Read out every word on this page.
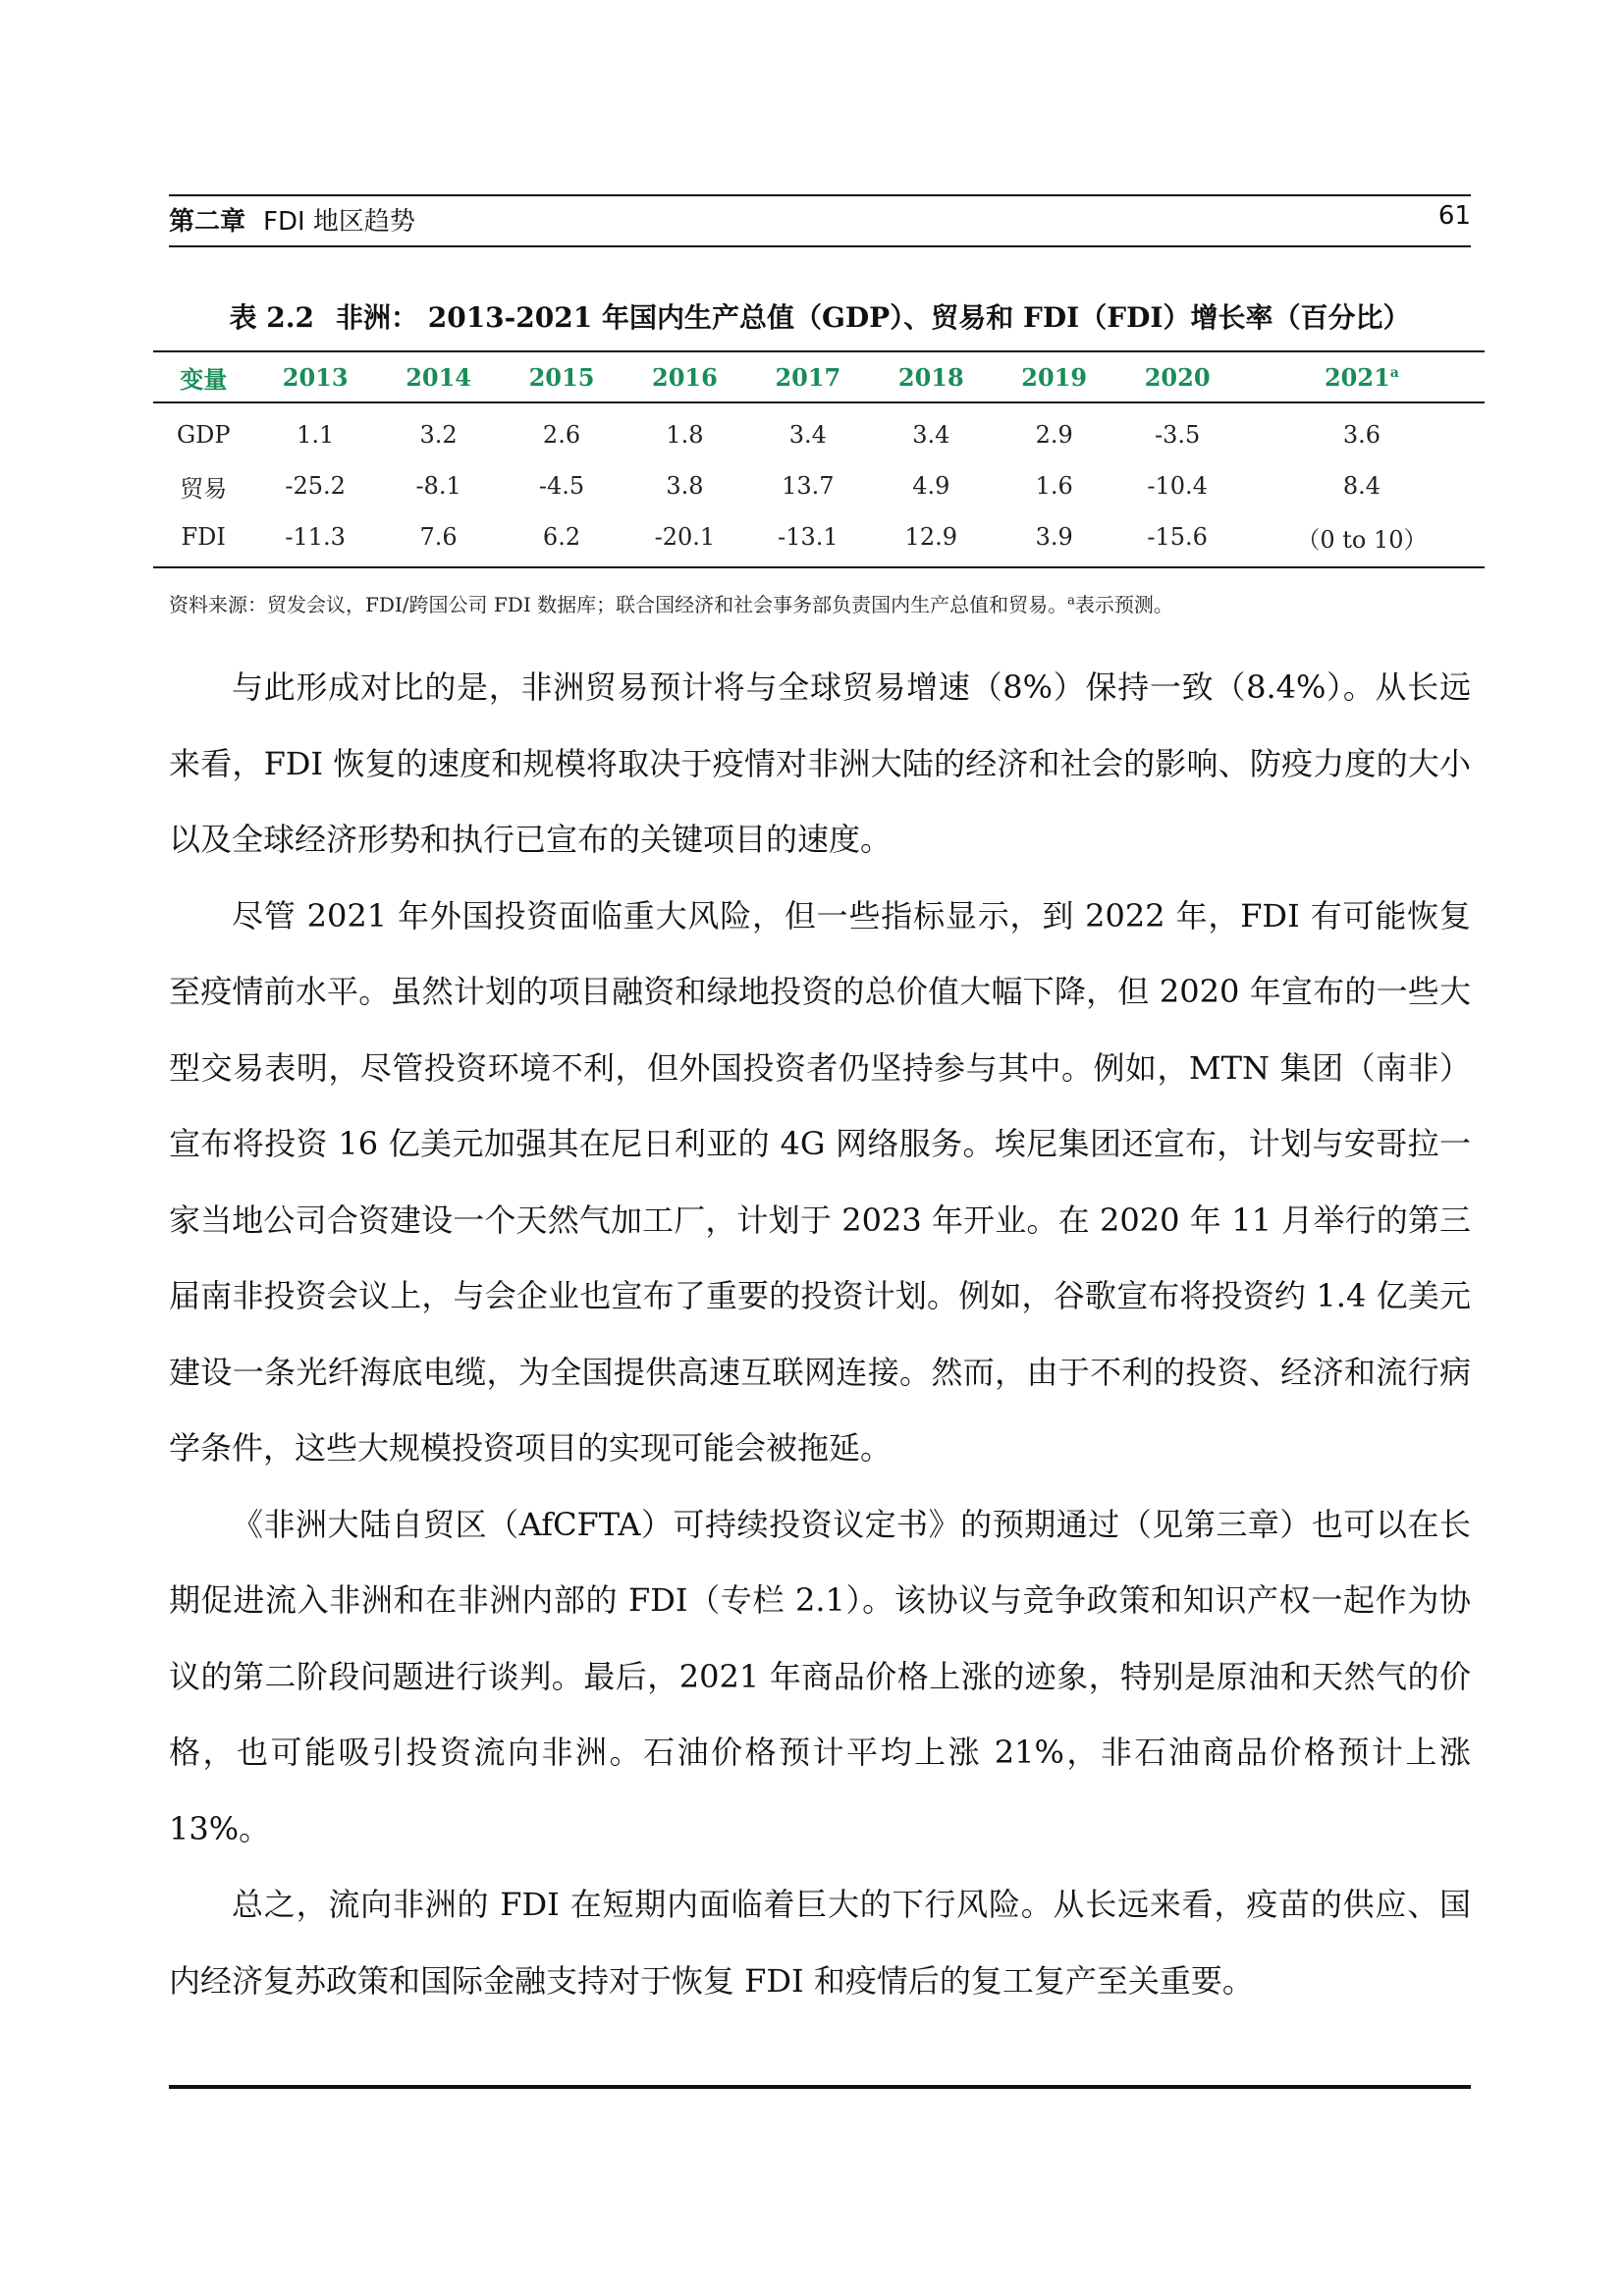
第二章 FDI 地区趋势	61
表 2.2 非洲： 2013-2021 年国内生产总值（GDP）、贸易和 FDI（FDI）增长率（百分比）
变量	2013	2014	2015	2016	2017	2018	2019	2020	2021$^a$
GDP	1.1	3.2	2.6	1.8	3.4	3.4	2.9	-3.5	3.6
贸易	-25.2	-8.1	-4.5	3.8	13.7	4.9	1.6	-10.4	8.4
FDI	-11.3	7.6	6.2	-20.1	-13.1	12.9	3.9	-15.6	（0 to 10）
资料来源：贸发会议，FDI/跨国公司 FDI 数据库；联合国经济和社会事务部负责国内生产总值和贸易。$^a$表示预测。

与此形成对比的是，非洲贸易预计将与全球贸易增速（8%）保持一致（8.4%）。从长远来看，FDI 恢复的速度和规模将取决于疫情对非洲大陆的经济和社会的影响、防疫力度的大小以及全球经济形势和执行已宣布的关键项目的速度。

尽管 2021 年外国投资面临重大风险，但一些指标显示，到 2022 年，FDI 有可能恢复至疫情前水平。虽然计划的项目融资和绿地投资的总价值大幅下降，但 2020 年宣布的一些大型交易表明，尽管投资环境不利，但外国投资者仍坚持参与其中。例如，MTN 集团（南非）宣布将投资 16 亿美元加强其在尼日利亚的 4G 网络服务。埃尼集团还宣布，计划与安哥拉一家当地公司合资建设一个天然气加工厂，计划于 2023 年开业。在 2020 年 11 月举行的第三届南非投资会议上，与会企业也宣布了重要的投资计划。例如，谷歌宣布将投资约 1.4 亿美元建设一条光纤海底电缆，为全国提供高速互联网连接。然而，由于不利的投资、经济和流行病学条件，这些大规模投资项目的实现可能会被拖延。

《非洲大陆自贸区（AfCFTA）可持续投资议定书》的预期通过（见第三章）也可以在长期促进流入非洲和在非洲内部的 FDI（专栏 2.1）。该协议与竞争政策和知识产权一起作为协议的第二阶段问题进行谈判。最后，2021 年商品价格上涨的迹象，特别是原油和天然气的价格，也可能吸引投资流向非洲。石油价格预计平均上涨 21%，非石油商品价格预计上涨 13%。

总之，流向非洲的 FDI 在短期内面临着巨大的下行风险。从长远来看，疫苗的供应、国内经济复苏政策和国际金融支持对于恢复 FDI 和疫情后的复工复产至关重要。
